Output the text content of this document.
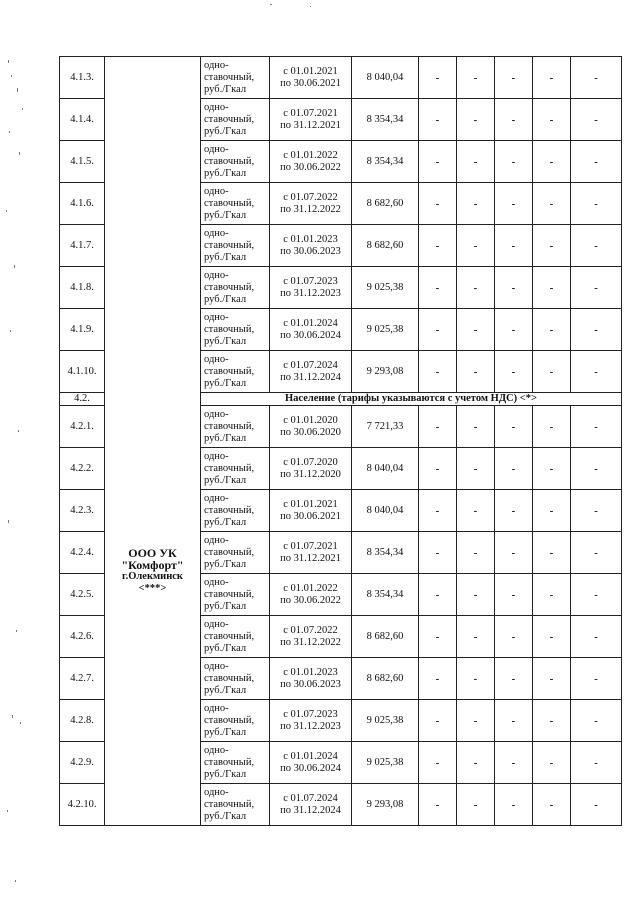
4.1.3.	ООО УК
"Комфорт"
г.Олекминск
<***>	одно-
ставочный,
руб./Гкал	с 01.01.2021
по 30.06.2021	8 040,04	-	-	-	-	-
4.1.4.		одно-
ставочный,
руб./Гкал	с 01.07.2021
по 31.12.2021	8 354,34	-	-	-	-	-
4.1.5.		одно-
ставочный,
руб./Гкал	с 01.01.2022
по 30.06.2022	8 354,34	-	-	-	-	-
4.1.6.		одно-
ставочный,
руб./Гкал	с 01.07.2022
по 31.12.2022	8 682,60	-	-	-	-	-
4.1.7.		одно-
ставочный,
руб./Гкал	с 01.01.2023
по 30.06.2023	8 682,60	-	-	-	-	-
4.1.8.		одно-
ставочный,
руб./Гкал	с 01.07.2023
по 31.12.2023	9 025,38	-	-	-	-	-
4.1.9.		одно-
ставочный,
руб./Гкал	с 01.01.2024
по 30.06.2024	9 025,38	-	-	-	-	-
4.1.10.		одно-
ставочный,
руб./Гкал	с 01.07.2024
по 31.12.2024	9 293,08	-	-	-	-	-
4.2.		Население (тарифы указываются с учетом НДС) <*>							
4.2.1.		одно-
ставочный,
руб./Гкал	с 01.01.2020
по 30.06.2020	7 721,33	-	-	-	-	-
4.2.2.		одно-
ставочный,
руб./Гкал	с 01.07.2020
по 31.12.2020	8 040,04	-	-	-	-	-
4.2.3.		одно-
ставочный,
руб./Гкал	с 01.01.2021
по 30.06.2021	8 040,04	-	-	-	-	-
4.2.4.		одно-
ставочный,
руб./Гкал	с 01.07.2021
по 31.12.2021	8 354,34	-	-	-	-	-
4.2.5.		одно-
ставочный,
руб./Гкал	с 01.01.2022
по 30.06.2022	8 354,34	-	-	-	-	-
4.2.6.		одно-
ставочный,
руб./Гкал	с 01.07.2022
по 31.12.2022	8 682,60	-	-	-	-	-
4.2.7.		одно-
ставочный,
руб./Гкал	с 01.01.2023
по 30.06.2023	8 682,60	-	-	-	-	-
4.2.8.		одно-
ставочный,
руб./Гкал	с 01.07.2023
по 31.12.2023	9 025,38	-	-	-	-	-
4.2.9.		одно-
ставочный,
руб./Гкал	с 01.01.2024
по 30.06.2024	9 025,38	-	-	-	-	-
4.2.10.		одно-
ставочный,
руб./Гкал	с 01.07.2024
по 31.12.2024	9 293,08	-	-	-	-	-
